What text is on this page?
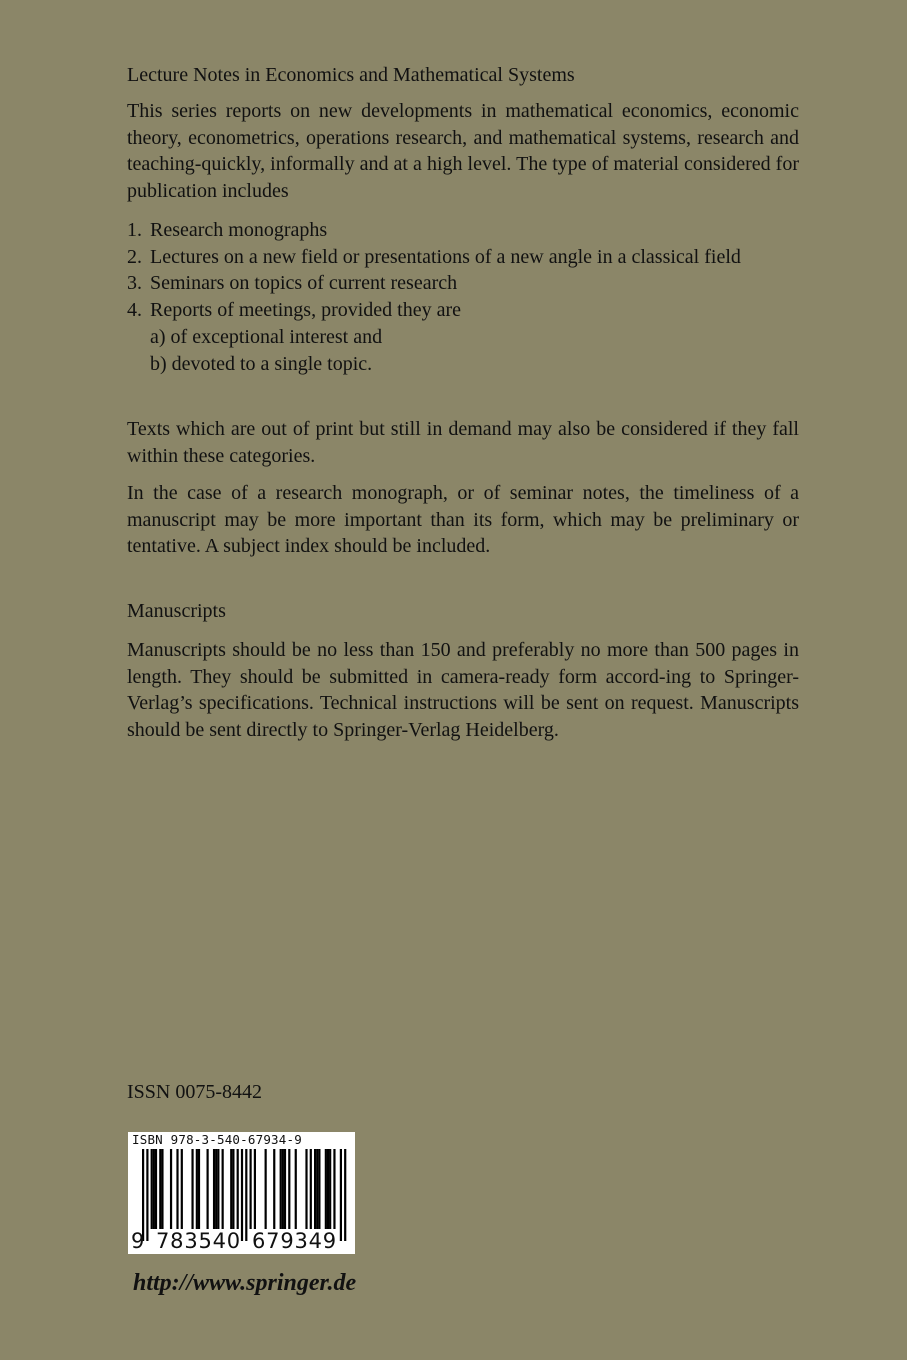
Lecture Notes in Economics and Mathematical Systems

This series reports on new developments in mathematical economics, economic theory, econometrics, operations research, and mathematical systems, research and teaching-quickly, informally and at a high level. The type of material considered for publication includes

1. Research monographs
2. Lectures on a new field or presentations of a new angle in a classical field
3. Seminars on topics of current research
4. Reports of meetings, provided they are
a) of exceptional interest and
b) devoted to a single topic.

Texts which are out of print but still in demand may also be considered if they fall within these categories.

In the case of a research monograph, or of seminar notes, the timeliness of a manuscript may be more important than its form, which may be preliminary or tentative. A subject index should be included.

Manuscripts

Manuscripts should be no less than 150 and preferably no more than 500 pages in length. They should be submitted in camera-ready form accord-ing to Springer-Verlag’s specifications. Technical instructions will be sent on request. Manuscripts should be sent directly to Springer-Verlag Heidelberg.

ISSN 0075-8442
ISBN 978-3-540-67934-9
9 783540 679349
http://www.springer.de
